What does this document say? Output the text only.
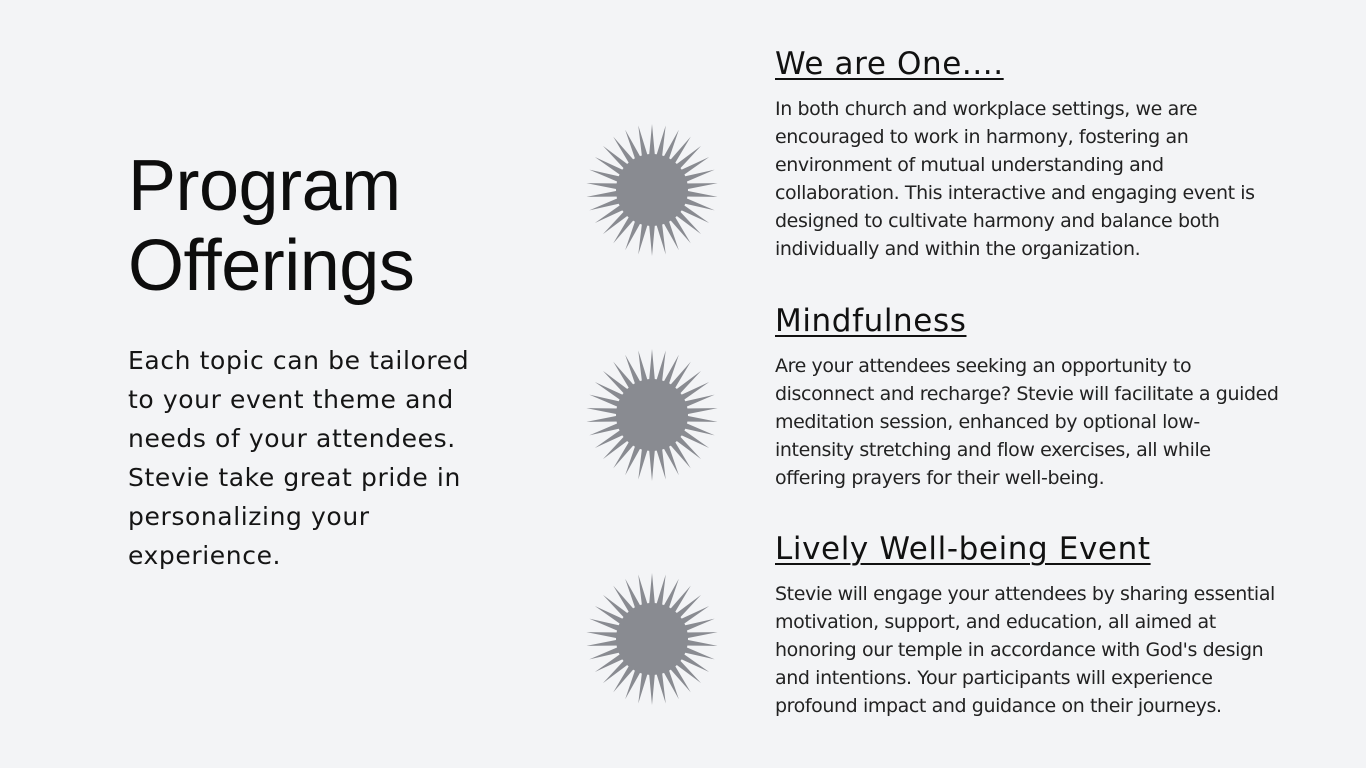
Program
Offerings

Each topic can be tailored
to your event theme and
needs of your attendees.
Stevie take great pride in
personalizing your
experience.

We are One....

In both church and workplace settings, we are
encouraged to work in harmony, fostering an
environment of mutual understanding and
collaboration. This interactive and engaging event is
designed to cultivate harmony and balance both
individually and within the organization.

Mindfulness

Are your attendees seeking an opportunity to
disconnect and recharge? Stevie will facilitate a guided
meditation session, enhanced by optional low-
intensity stretching and flow exercises, all while
offering prayers for their well-being.

Lively Well-being Event

Stevie will engage your attendees by sharing essential
motivation, support, and education, all aimed at
honoring our temple in accordance with God's design
and intentions. Your participants will experience
profound impact and guidance on their journeys.
